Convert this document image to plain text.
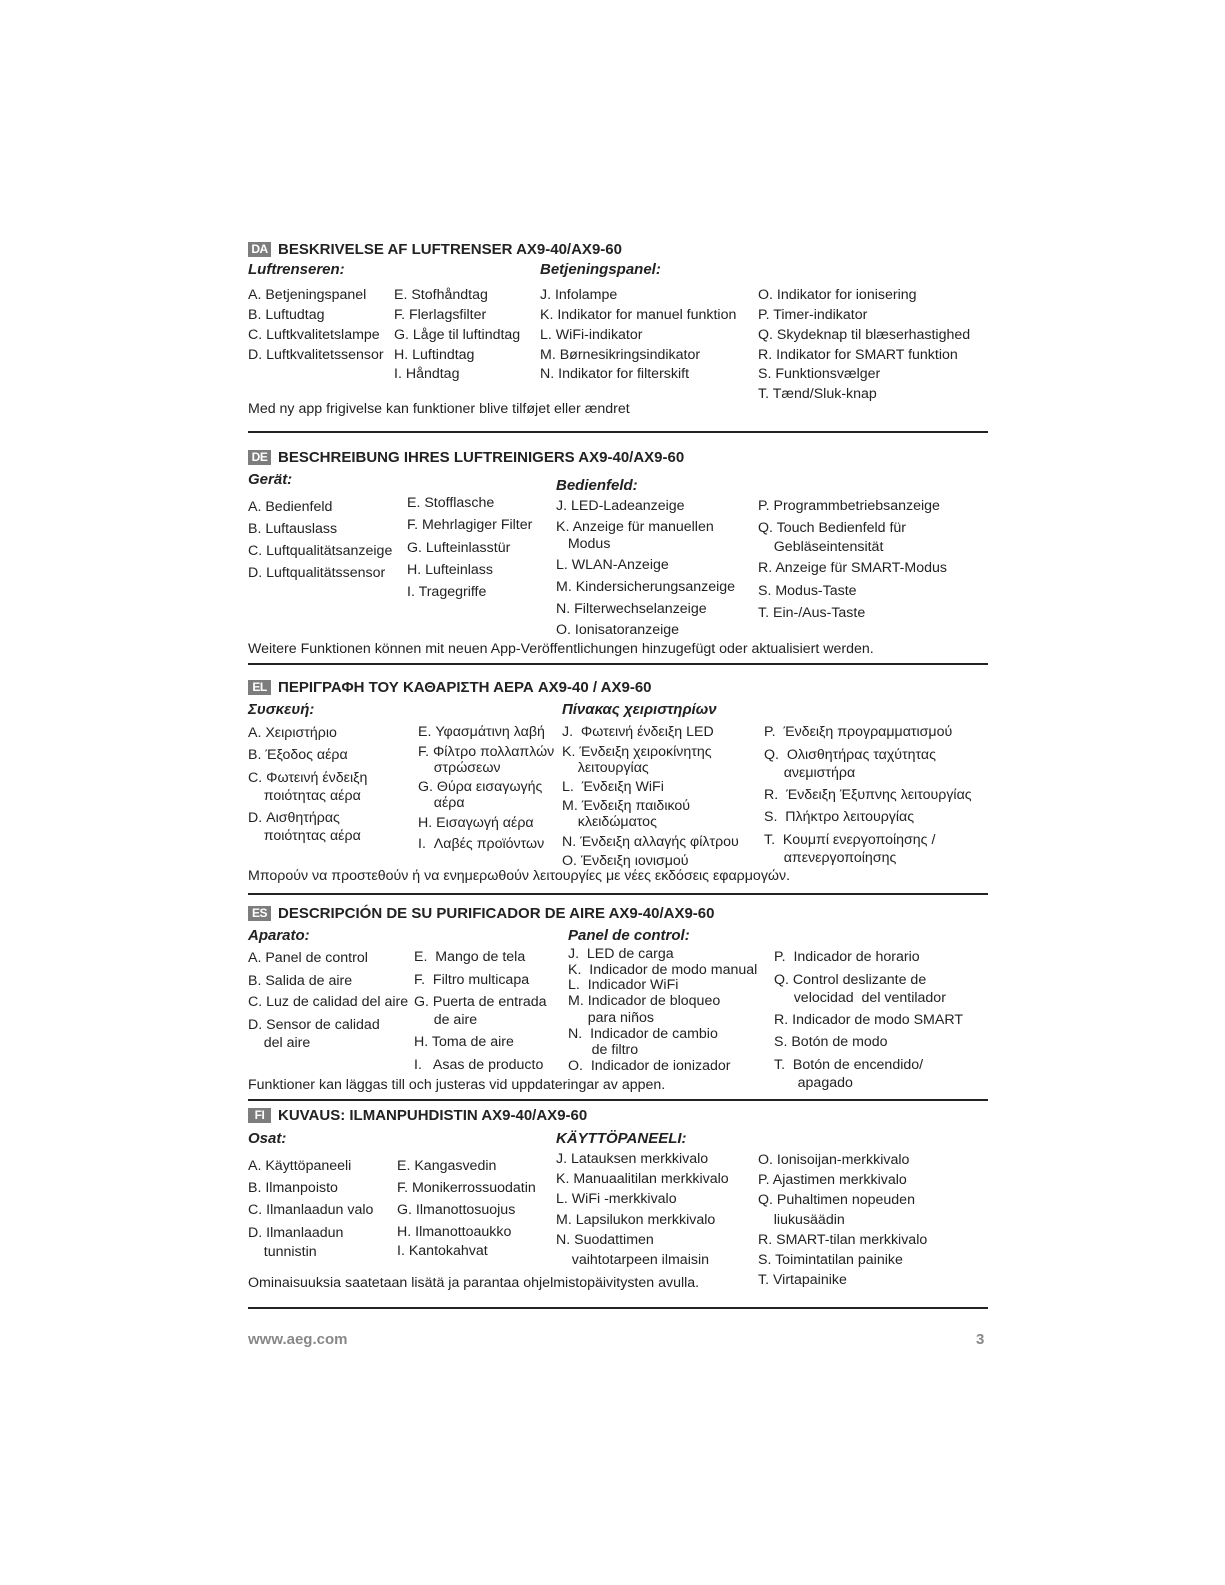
DA BESKRIVELSE AF LUFTRENSER AX9-40/AX9-60
Luftrenseren:	Betjeningspanel:
A. Betjeningspanel
B. Luftudtag
C. Luftkvalitetslampe
D. Luftkvalitetssensor
E. Stofhåndtag
F. Flerlagsfilter
G. Låge til luftindtag
H. Luftindtag
I. Håndtag
J. Infolampe
K. Indikator for manuel funktion
L. WiFi-indikator
M. Børnesikringsindikator
N. Indikator for filterskift
O. Indikator for ionisering
P. Timer-indikator
Q. Skydeknap til blæserhastighed
R. Indikator for SMART funktion
S. Funktionsvælger
T. Tænd/Sluk-knap
Med ny app frigivelse kan funktioner blive tilføjet eller ændret
DE BESCHREIBUNG IHRES LUFTREINIGERS AX9-40/AX9-60
Gerät:	Bedienfeld:
A. Bedienfeld
B. Luftauslass
C. Luftqualitätsanzeige
D. Luftqualitätssensor
E. Stofflasche
F. Mehrlagiger Filter
G. Lufteinlasstür
H. Lufteinlass
I. Tragegriffe
J. LED-Ladeanzeige
K. Anzeige für manuellen
Modus
L. WLAN-Anzeige
M. Kindersicherungsanzeige
N. Filterwechselanzeige
O. Ionisatoranzeige
P. Programmbetriebsanzeige
Q. Touch Bedienfeld für
Gebläseintensität
R. Anzeige für SMART-Modus
S. Modus-Taste
T. Ein-/Aus-Taste
Weitere Funktionen können mit neuen App-Veröffentlichungen hinzugefügt oder aktualisiert werden.
EL ΠΕΡΙΓΡΑΦΗ ΤΟΥ ΚΑΘΑΡΙΣΤΗ ΑΕΡΑ AX9-40 / AX9-60
Συσκευή:	Πίνακας χειριστηρίων
A. Χειριστήριο
B. Έξοδος αέρα
C. Φωτεινή ένδειξη
ποιότητας αέρα
D. Αισθητήρας
ποιότητας αέρα
E. Υφασμάτινη λαβή
F. Φίλτρο πολλαπλών
στρώσεων
G. Θύρα εισαγωγής
αέρα
H. Εισαγωγή αέρα
I.  Λαβές προϊόντων
J.  Φωτεινή ένδειξη LED
K. Ένδειξη χειροκίνητης
λειτουργίας
L.  Ένδειξη WiFi
M. Ένδειξη παιδικού
κλειδώματος
N. Ένδειξη αλλαγής φίλτρου
O. Ένδειξη ιονισμού
P.  Ένδειξη προγραμματισμού
Q.  Ολισθητήρας ταχύτητας
ανεμιστήρα
R.  Ένδειξη Έξυπνης λειτουργίας
S.  Πλήκτρο λειτουργίας
T.  Κουμπί ενεργοποίησης /
απενεργοποίησης
Μπορούν να προστεθούν ή να ενημερωθούν λειτουργίες με νέες εκδόσεις εφαρμογών.
ES DESCRIPCIÓN DE SU PURIFICADOR DE AIRE AX9-40/AX9-60
Aparato:	Panel de control:
A. Panel de control
B. Salida de aire
C. Luz de calidad del aire
D. Sensor de calidad
del aire
E.  Mango de tela
F.  Filtro multicapa
G. Puerta de entrada
de aire
H. Toma de aire
I.   Asas de producto
J.  LED de carga
K.  Indicador de modo manual
L.  Indicador WiFi
M. Indicador de bloqueo
para niños
N.  Indicador de cambio
de filtro
O.  Indicador de ionizador
P.  Indicador de horario
Q. Control deslizante de
velocidad  del ventilador
R. Indicador de modo SMART
S. Botón de modo
T.  Botón de encendido/
apagado
Funktioner kan läggas till och justeras vid uppdateringar av appen.
FI KUVAUS: ILMANPUHDISTIN AX9-40/AX9-60
Osat:	KÄYTTÖPANEELI:
A. Käyttöpaneeli
B. Ilmanpoisto
C. Ilmanlaadun valo
D. Ilmanlaadun
tunnistin
E. Kangasvedin
F. Monikerrossuodatin
G. Ilmanottosuojus
H. Ilmanottoaukko
I. Kantokahvat
J. Latauksen merkkivalo
K. Manuaalitilan merkkivalo
L. WiFi -merkkivalo
M. Lapsilukon merkkivalo
N. Suodattimen
vaihtotarpeen ilmaisin
O. Ionisoijan-merkkivalo
P. Ajastimen merkkivalo
Q. Puhaltimen nopeuden
liukusäädin
R. SMART-tilan merkkivalo
S. Toimintatilan painike
T. Virtapainike
Ominaisuuksia saatetaan lisätä ja parantaa ohjelmistopäivitysten avulla.
www.aeg.com	3
